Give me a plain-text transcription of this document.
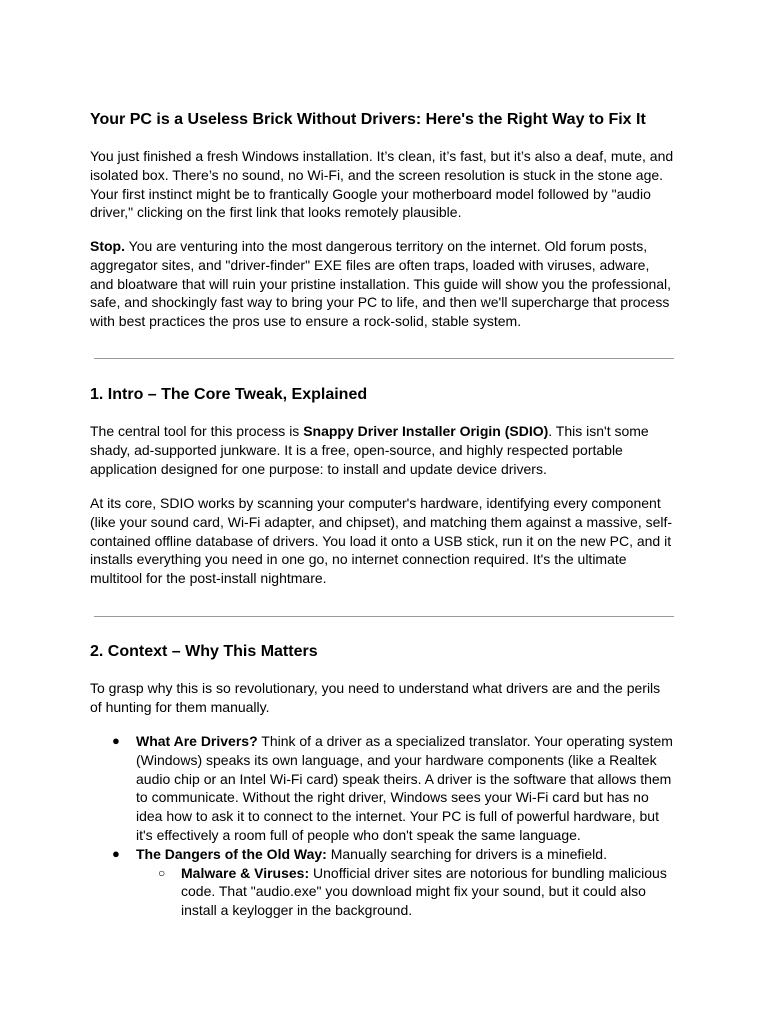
Your PC is a Useless Brick Without Drivers: Here's the Right Way to Fix It

You just finished a fresh Windows installation. It’s clean, it’s fast, but it’s also a deaf, mute, and isolated box. There’s no sound, no Wi-Fi, and the screen resolution is stuck in the stone age. Your first instinct might be to frantically Google your motherboard model followed by "audio driver," clicking on the first link that looks remotely plausible.

Stop. You are venturing into the most dangerous territory on the internet. Old forum posts, aggregator sites, and "driver-finder" EXE files are often traps, loaded with viruses, adware, and bloatware that will ruin your pristine installation. This guide will show you the professional, safe, and shockingly fast way to bring your PC to life, and then we'll supercharge that process with best practices the pros use to ensure a rock-solid, stable system.

1. Intro – The Core Tweak, Explained

The central tool for this process is Snappy Driver Installer Origin (SDIO). This isn't some shady, ad-supported junkware. It is a free, open-source, and highly respected portable application designed for one purpose: to install and update device drivers.

At its core, SDIO works by scanning your computer's hardware, identifying every component (like your sound card, Wi-Fi adapter, and chipset), and matching them against a massive, self-contained offline database of drivers. You load it onto a USB stick, run it on the new PC, and it installs everything you need in one go, no internet connection required. It's the ultimate multitool for the post-install nightmare.

2. Context – Why This Matters

To grasp why this is so revolutionary, you need to understand what drivers are and the perils of hunting for them manually.

● What Are Drivers? Think of a driver as a specialized translator. Your operating system (Windows) speaks its own language, and your hardware components (like a Realtek audio chip or an Intel Wi-Fi card) speak theirs. A driver is the software that allows them to communicate. Without the right driver, Windows sees your Wi-Fi card but has no idea how to ask it to connect to the internet. Your PC is full of powerful hardware, but it's effectively a room full of people who don't speak the same language.
● The Dangers of the Old Way: Manually searching for drivers is a minefield.
○ Malware & Viruses: Unofficial driver sites are notorious for bundling malicious code. That "audio.exe" you download might fix your sound, but it could also install a keylogger in the background.
